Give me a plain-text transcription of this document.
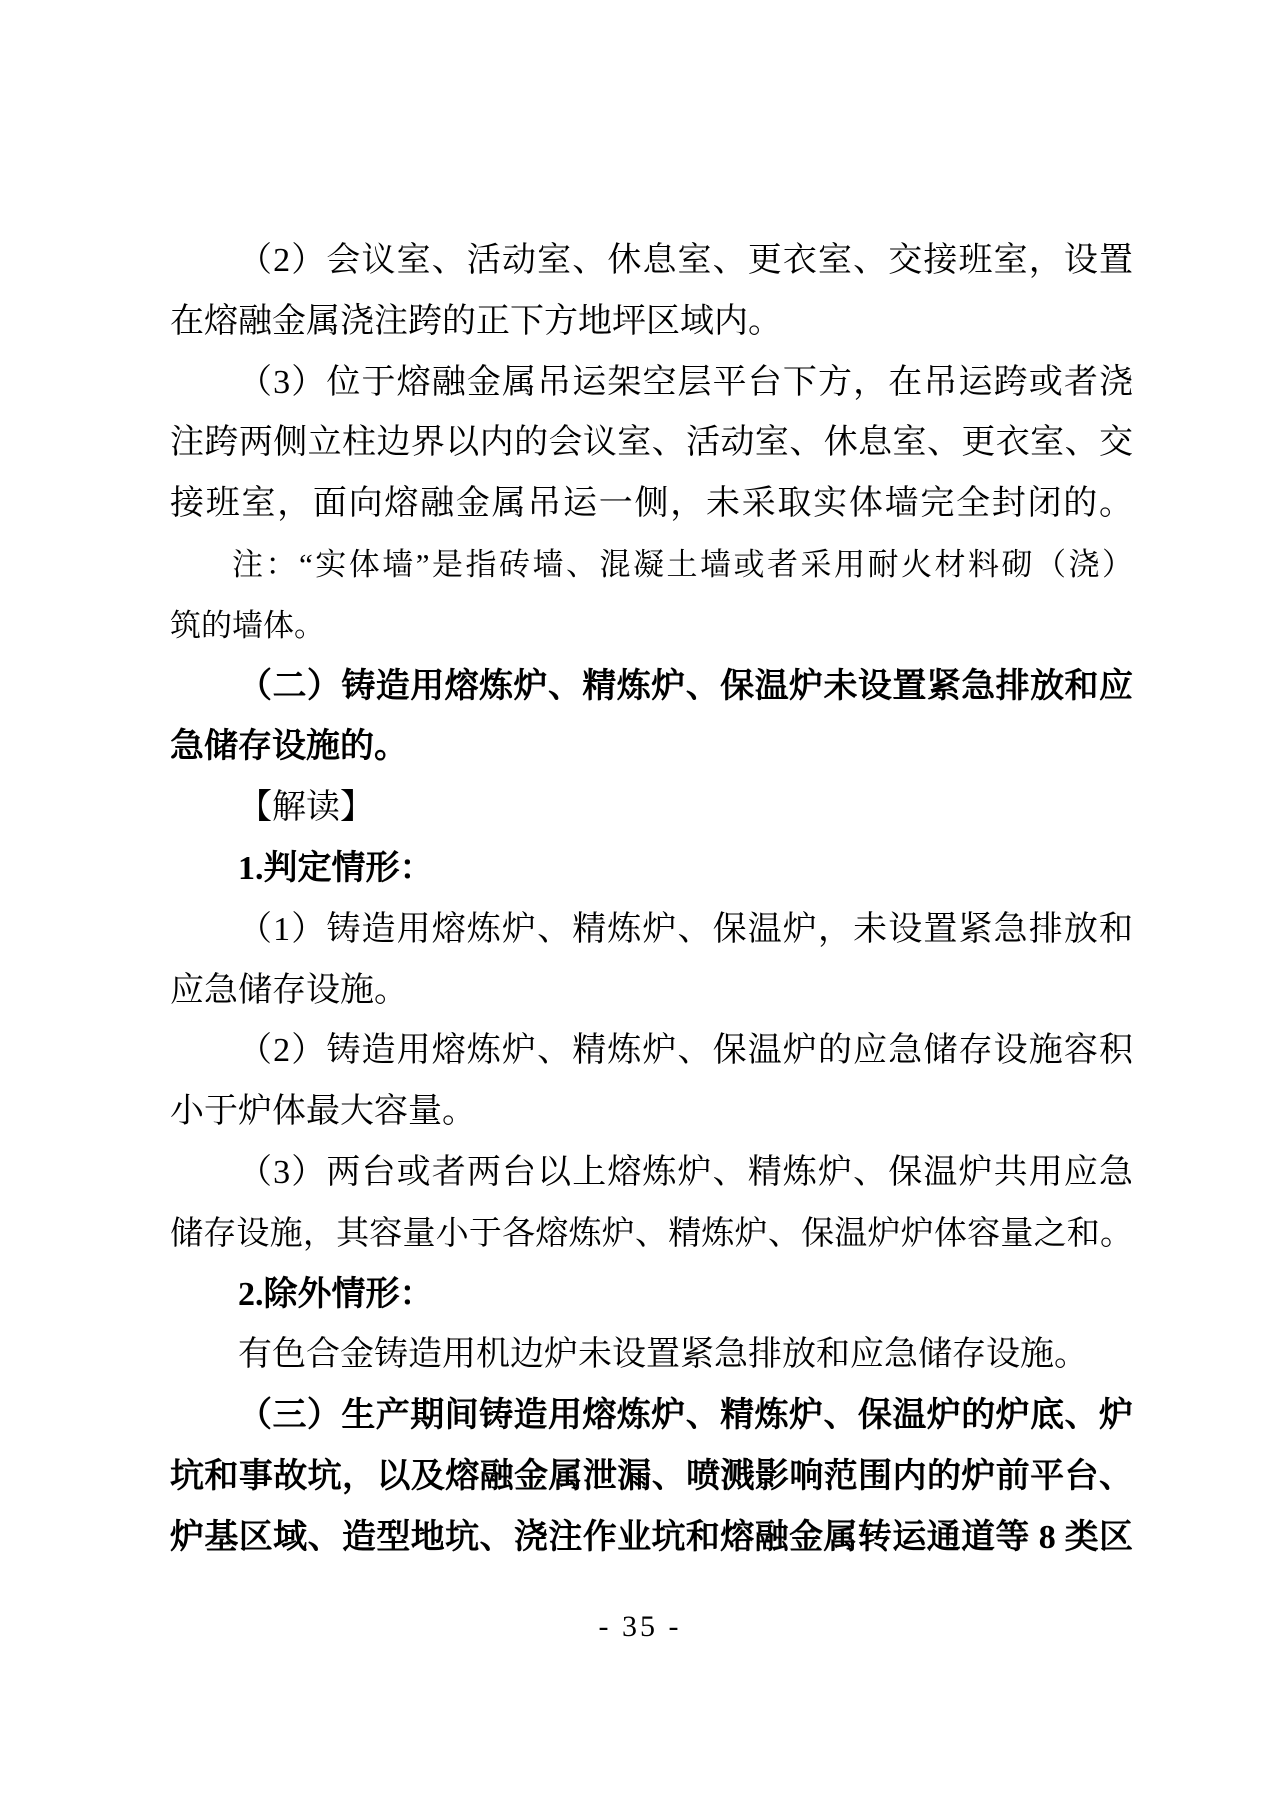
（2）会议室、活动室、休息室、更衣室、交接班室，设置
在熔融金属浇注跨的正下方地坪区域内。
（3）位于熔融金属吊运架空层平台下方，在吊运跨或者浇
注跨两侧立柱边界以内的会议室、活动室、休息室、更衣室、交
接班室，面向熔融金属吊运一侧，未采取实体墙完全封闭的。
注：“实体墙”是指砖墙、混凝土墙或者采用耐火材料砌（浇）
筑的墙体。
（二）铸造用熔炼炉、精炼炉、保温炉未设置紧急排放和应
急储存设施的。
【解读】
1.判定情形：
（1）铸造用熔炼炉、精炼炉、保温炉，未设置紧急排放和
应急储存设施。
（2）铸造用熔炼炉、精炼炉、保温炉的应急储存设施容积
小于炉体最大容量。
（3）两台或者两台以上熔炼炉、精炼炉、保温炉共用应急
储存设施，其容量小于各熔炼炉、精炼炉、保温炉炉体容量之和。
2.除外情形：
有色合金铸造用机边炉未设置紧急排放和应急储存设施。
（三）生产期间铸造用熔炼炉、精炼炉、保温炉的炉底、炉
坑和事故坑，以及熔融金属泄漏、喷溅影响范围内的炉前平台、
炉基区域、造型地坑、浇注作业坑和熔融金属转运通道等 8 类区
- 35 -
